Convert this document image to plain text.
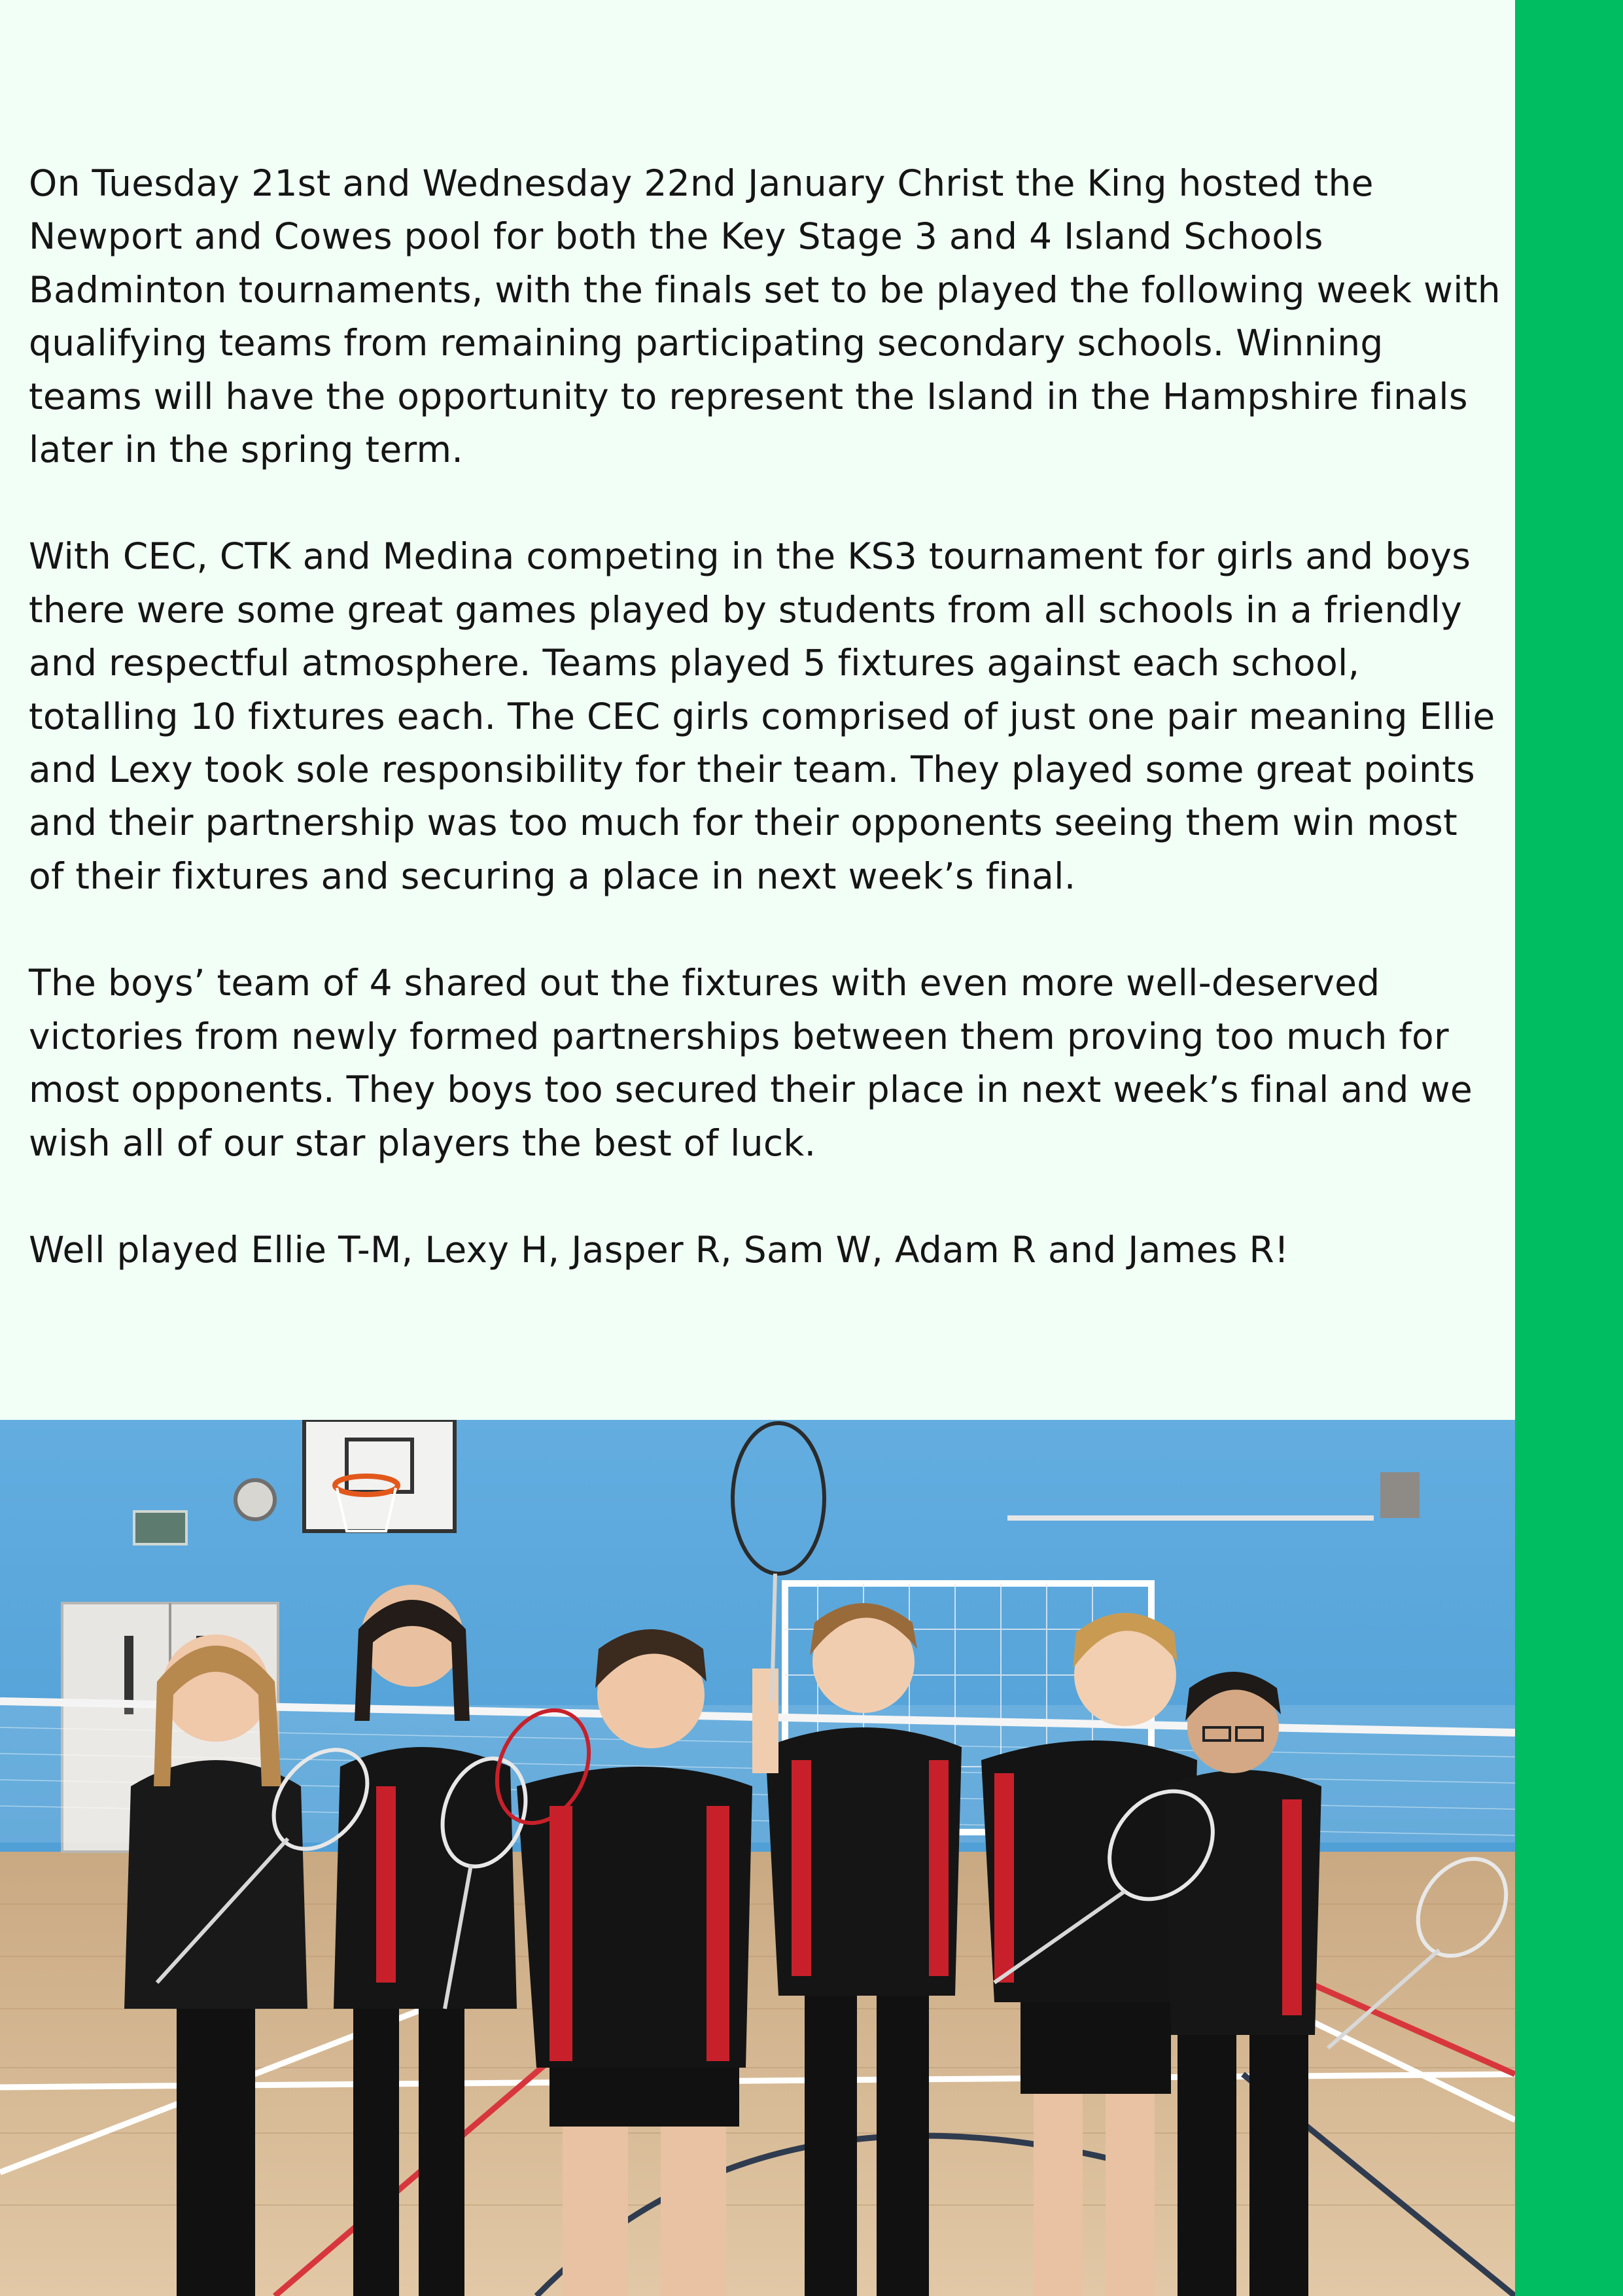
On Tuesday 21st and Wednesday 22nd January Christ the King hosted the Newport and Cowes pool for both the Key Stage 3 and 4 Island Schools Badminton tournaments, with the finals set to be played the following week with qualifying teams from remaining participating secondary schools. Winning teams will have the opportunity to represent the Island in the Hampshire finals later in the spring term.

With CEC, CTK and Medina competing in the KS3 tournament for girls and boys there were some great games played by students from all schools in a friendly and respectful atmosphere. Teams played 5 fixtures against each school, totalling 10 fixtures each. The CEC girls comprised of just one pair meaning Ellie and Lexy took sole responsibility for their team. They played some great points and their partnership was too much for their opponents seeing them win most of their fixtures and securing a place in next week’s final.

The boys’ team of 4 shared out the fixtures with even more well-deserved victories from newly formed partnerships between them proving too much for most opponents. They boys too secured their place in next week’s final and we wish all of our star players the best of luck.

Well played Ellie T-M, Lexy H, Jasper R, Sam W, Adam R and James R!
